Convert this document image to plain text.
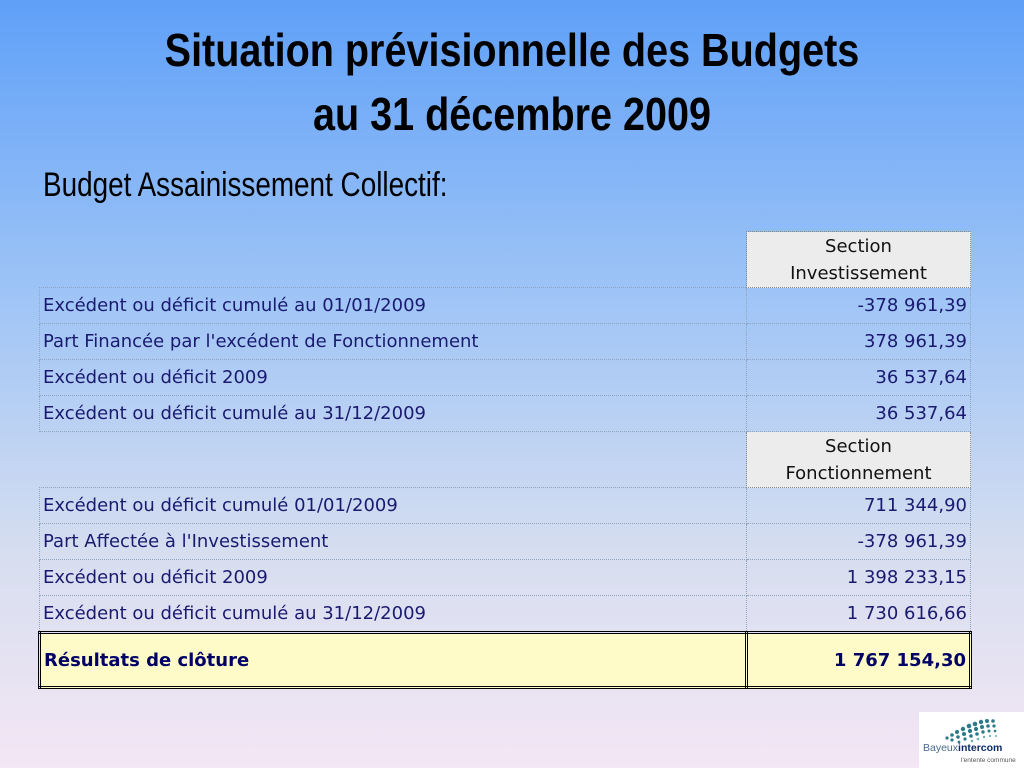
Situation prévisionnelle des Budgets
au 31 décembre 2009
Budget Assainissement Collectif:
	Section
Investissement
Excédent ou déficit cumulé au 01/01/2009	-378 961,39
Part Financée par l'excédent de Fonctionnement	378 961,39
Excédent ou déficit 2009	36 537,64
Excédent ou déficit cumulé au 31/12/2009	36 537,64
	Section
Fonctionnement
Excédent ou déficit cumulé 01/01/2009	711 344,90
Part Affectée à l'Investissement	-378 961,39
Excédent ou déficit 2009	1 398 233,15
Excédent ou déficit cumulé au 31/12/2009	1 730 616,66
Résultats de clôture	1 767 154,30
Bayeuxintercom
l'entente commune
